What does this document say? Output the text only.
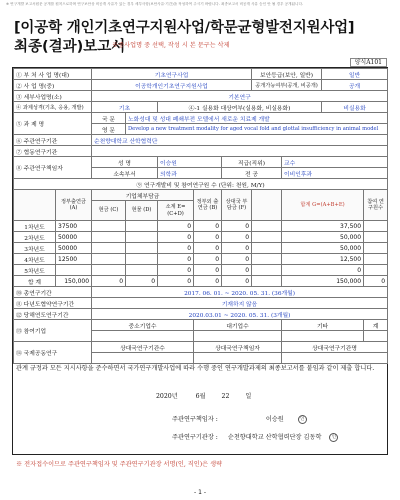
※ 연구개발 보고서원문 공개를 원칙으로하며 연구보안상 비공개 사유가 있는 경우 세부사항(보안사유·기간)을 작성하여 주시기 바랍니다. 최종보고서 비공개 사유 승인 안 될 경우 공개됩니다.
[이공학 개인기초연구지원사업/학문균형발전지원사업]
최종(결과)보고서
※중사업명 중 선택, 작성 시 본 문구는 삭제
양식A101
① 부 처 사 업 명(대)		기초연구사업					보안등급(보안, 일반)		일반	
② 사 업 명(중)		이공학개인기초연구지원사업					공개가능여부(공개, 비공개)		공개	
③ 세부사업명(소)		기본연구								
④ 과제성격(기초, 응용, 개발)		기초		④-1 실용화 대상여부(실용화, 비실용화)					비실용화	
⑤ 과 제 명		국 문	노화성대 및 성대 폐쇄부전 모델에서 새로운 치료제 개발							
		영 문	Develop a new treatment modality for aged vocal fold and glottal insufficiency in animal model							
⑥ 주관연구기관		순천향대학교 산학협력단								
⑦ 협동연구기관										
⑧ 주관연구책임자		성 명		이승원		직급(직위)		교수		
		소속부서		의학과		전 공		이비인후과		
⑨ 연구개발비 및 참여연구원 수 (단위: 천원, M/Y)										
	정부출연금 (A)	기업체부담금			정부외 출연금 (B)	상대국 부담금 (F)		합계 G=(A+B+E)		참여 연구원수
		현금 (C)	현물 (D)	소계 E=(C+D)						
1차년도	37500			0	0	0		37,500		
2차년도	50000			0	0	0		50,000		
3차년도	50000			0	0	0		50,000		
4차년도	12500			0	0	0		12,500		
5차년도				0	0	0		0		
합 계	150,000	0	0	0	0	0		150,000		0
⑩ 총연구기간		2017. 06. 01. ~ 2020. 05. 31. (36개월)								
⑪ 다년도협약연구기간		기재하지 않음								
⑫ 당해연도연구기간		2020.03.01 ~ 2020. 05. 31. (3개월)								
⑬ 참여기업		중소기업수			대기업수			기타		계

⑭ 국제공동연구		상대국연구기관수			상대국연구책임자			상대국연구기관명		

관계 규정과 모든 지시사항을 준수하면서 국가연구개발사업에 따라 수행 중인 연구개발과제의 최종보고서를 붙임과 같이 제출 합니다.
2020년	6월	22	일
주관연구책임자 :	이승원	인
주관연구기관장 : 순천향대학교 산학협력단장 김동학 인
※ 전자접수이므로 주관연구책임자 및 주관연구기관장 서명(인, 직인)은 생략
- 1 -
